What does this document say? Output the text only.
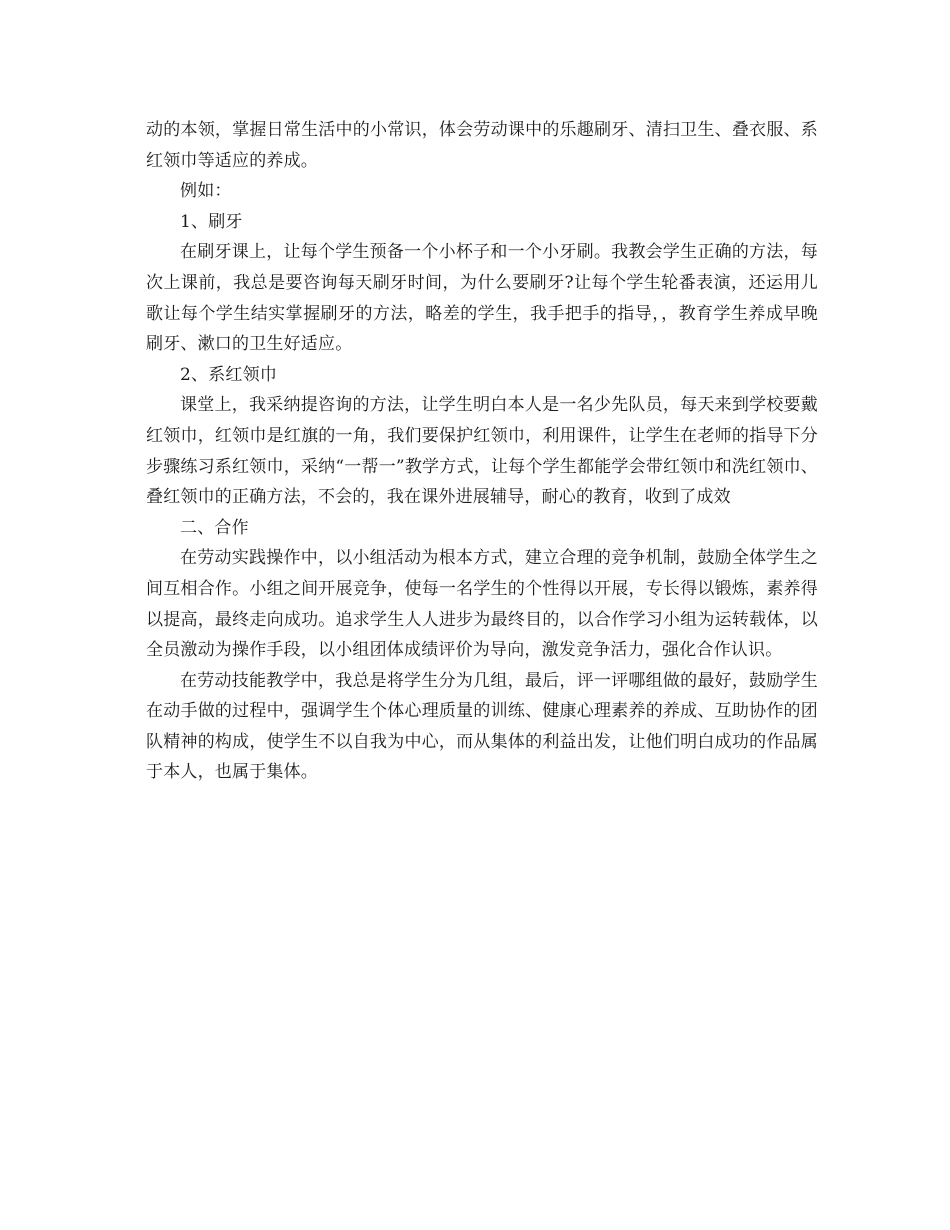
动的本领，掌握日常生活中的小常识，体会劳动课中的乐趣刷牙、清扫卫生、叠衣服、系红领巾等适应的养成。

例如：

1、刷牙

在刷牙课上，让每个学生预备一个小杯子和一个小牙刷。我教会学生正确的方法，每次上课前，我总是要咨询每天刷牙时间，为什么要刷牙?让每个学生轮番表演，还运用儿歌让每个学生结实掌握刷牙的方法，略差的学生，我手把手的指导，，教育学生养成早晚刷牙、漱口的卫生好适应。

2、系红领巾

课堂上，我采纳提咨询的方法，让学生明白本人是一名少先队员，每天来到学校要戴红领巾，红领巾是红旗的一角，我们要保护红领巾，利用课件，让学生在老师的指导下分步骤练习系红领巾，采纳“一帮一”教学方式，让每个学生都能学会带红领巾和洗红领巾、叠红领巾的正确方法，不会的，我在课外进展辅导，耐心的教育，收到了成效

二、合作

在劳动实践操作中，以小组活动为根本方式，建立合理的竞争机制，鼓励全体学生之间互相合作。小组之间开展竞争，使每一名学生的个性得以开展，专长得以锻炼，素养得以提高，最终走向成功。追求学生人人进步为最终目的，以合作学习小组为运转载体，以全员激动为操作手段，以小组团体成绩评价为导向，激发竞争活力，强化合作认识。

在劳动技能教学中，我总是将学生分为几组，最后，评一评哪组做的最好，鼓励学生在动手做的过程中，强调学生个体心理质量的训练、健康心理素养的养成、互助协作的团队精神的构成，使学生不以自我为中心，而从集体的利益出发，让他们明白成功的作品属于本人，也属于集体。
